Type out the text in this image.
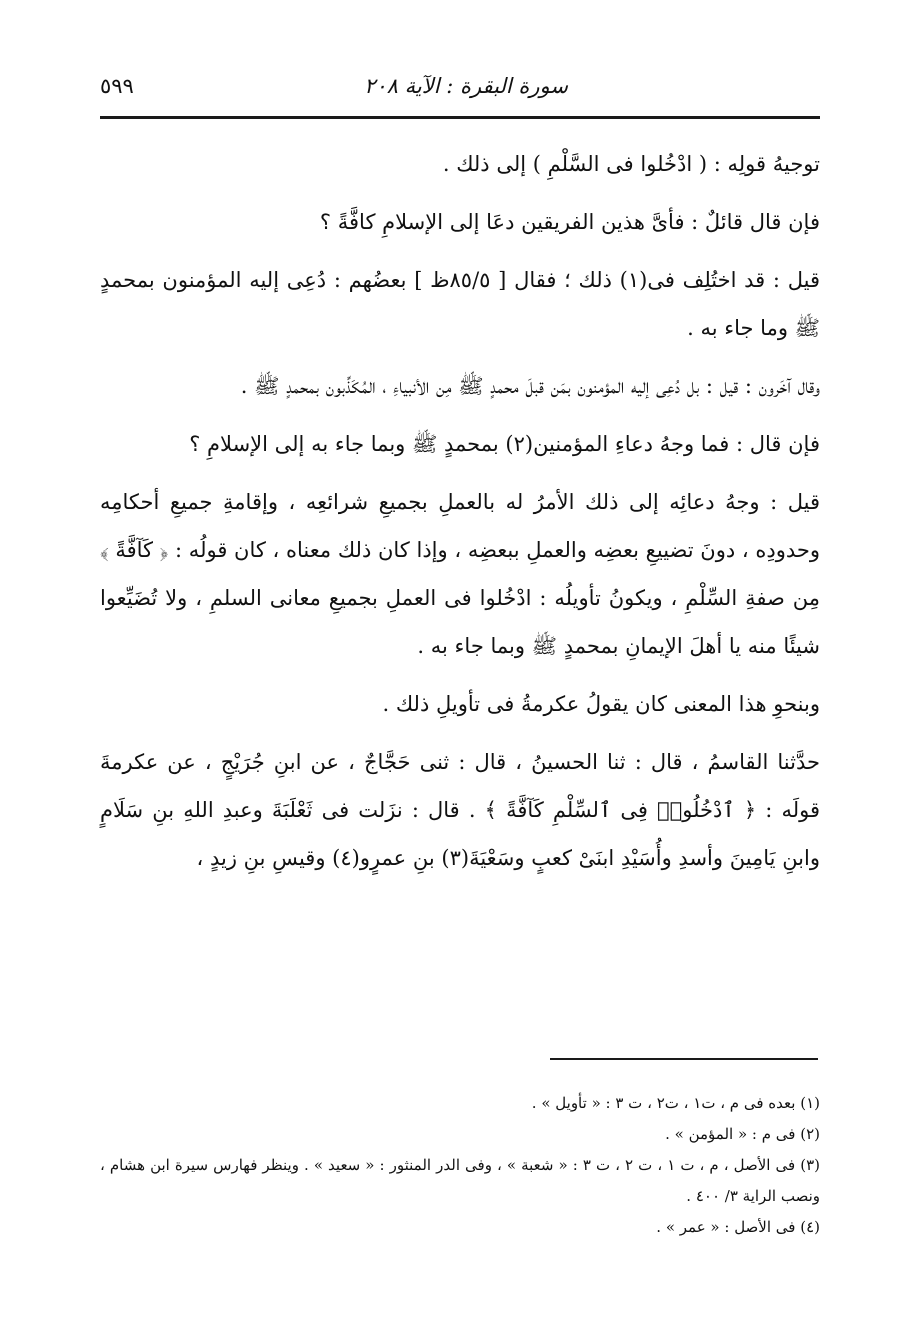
سورة البقرة : الآية ٢٠٨
٥٩٩

توجيهُ قولِه : ( ادْخُلوا فى السَّلْمِ ) إلى ذلك .

فإن قال قائلٌ : فأىَّ هذين الفريقين دعَا إلى الإسلامِ كافَّةً ؟

قيل : قد اختُلِف فى(١) ذلك ؛ فقال [ ٨٥/٥ظ ] بعضُهم : دُعِى إليه المؤمنون بمحمدٍ ﷺ وما جاء به .

وقال آخَرون : قيل : بل دُعِى إليه المؤمنون بمَن قبلَ محمدٍ ﷺ مِن الأنبياءِ ، المُكَذِّبون بمحمدٍ ﷺ .

فإن قال : فما وجهُ دعاءِ المؤمنين(٢) بمحمدٍ ﷺ وبما جاء به إلى الإسلامِ ؟

قيل : وجهُ دعائِه إلى ذلك الأمرُ له بالعملِ بجميعِ شرائعِه ، وإقامةِ جميعِ أحكامِه وحدودِه ، دونَ تضييعِ بعضِه والعملِ ببعضِه ، وإذا كان ذلك معناه ، كان قولُه : ﴿ كَآفَّةً ﴾ مِن صفةِ السِّلْمِ ، ويكونُ تأويلُه : ادْخُلوا فى العملِ بجميعِ معانى السلمِ ، ولا تُضَيِّعوا شيئًا منه يا أهلَ الإيمانِ بمحمدٍ ﷺ وبما جاء به .

وبنحوِ هذا المعنى كان يقولُ عكرمةُ فى تأويلِ ذلك .

حدَّثنا القاسمُ ، قال : ثنا الحسينُ ، قال : ثنى حَجَّاجٌ ، عن ابنِ جُرَيْجٍ ، عن عكرمةَ قولَه : ﴿ ٱدْخُلُوا۟ فِى ٱلسِّلْمِ كَآفَّةً ﴾ . قال : نزَلت فى ثَعْلَبَةَ وعبدِ اللهِ بنِ سَلَامٍ وابنِ يَامِينَ وأسدِ وأُسَيْدِ ابنَىْ كعبٍ وسَعْيَةَ(٣) بنِ عمرٍو(٤) وقيسِ بنِ زيدٍ ،

(١) بعده فى م ، ت١ ، ت٢ ، ت ٣ : « تأويل » .

(٢) فى م : « المؤمن » .

(٣) فى الأصل ، م ، ت ١ ، ت ٢ ، ت ٣ : « شعبة » ، وفى الدر المنثور : « سعيد » . وينظر فهارس سيرة ابن هشام ، ونصب الراية ٣/ ٤٠٠ .

(٤) فى الأصل : « عمر » .
